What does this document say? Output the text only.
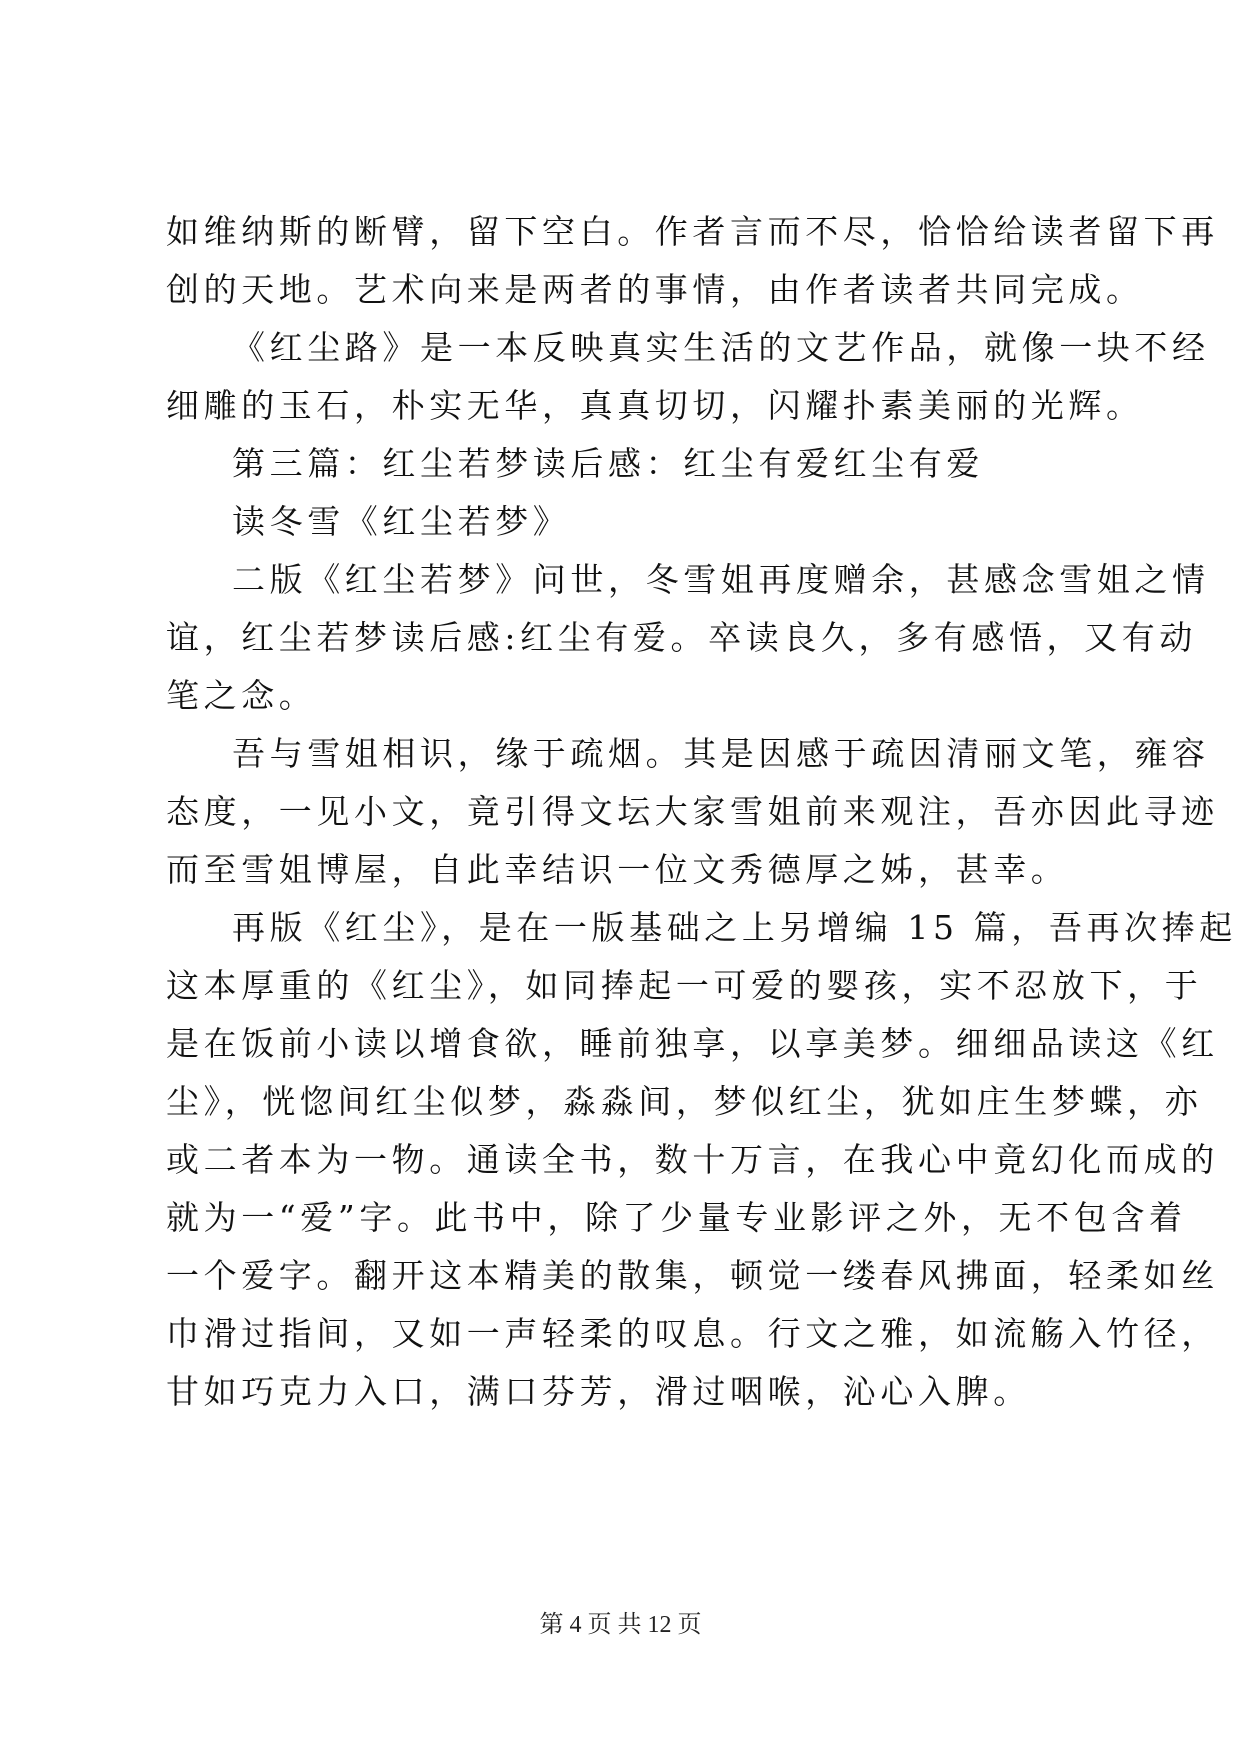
如维纳斯的断臂，留下空白。作者言而不尽，恰恰给读者留下再
创的天地。艺术向来是两者的事情，由作者读者共同完成。
《红尘路》是一本反映真实生活的文艺作品，就像一块不经
细雕的玉石，朴实无华，真真切切，闪耀扑素美丽的光辉。
第三篇：红尘若梦读后感：红尘有爱红尘有爱
读冬雪《红尘若梦》
二版《红尘若梦》问世，冬雪姐再度赠余，甚感念雪姐之情
谊，红尘若梦读后感:红尘有爱。卒读良久，多有感悟，又有动
笔之念。
吾与雪姐相识，缘于疏烟。其是因感于疏因清丽文笔，雍容
态度，一见小文，竟引得文坛大家雪姐前来观注，吾亦因此寻迹
而至雪姐博屋，自此幸结识一位文秀德厚之姊，甚幸。
再版《红尘》，是在一版基础之上另增编 15 篇，吾再次捧起
这本厚重的《红尘》，如同捧起一可爱的婴孩，实不忍放下，于
是在饭前小读以增食欲，睡前独享，以享美梦。细细品读这《红
尘》，恍惚间红尘似梦，淼淼间，梦似红尘，犹如庄生梦蝶，亦
或二者本为一物。通读全书，数十万言，在我心中竟幻化而成的
就为一“爱”字。此书中，除了少量专业影评之外，无不包含着
一个爱字。翻开这本精美的散集，顿觉一缕春风拂面，轻柔如丝
巾滑过指间，又如一声轻柔的叹息。行文之雅，如流觞入竹径，
甘如巧克力入口，满口芬芳，滑过咽喉，沁心入脾。
第 4 页 共 12 页
